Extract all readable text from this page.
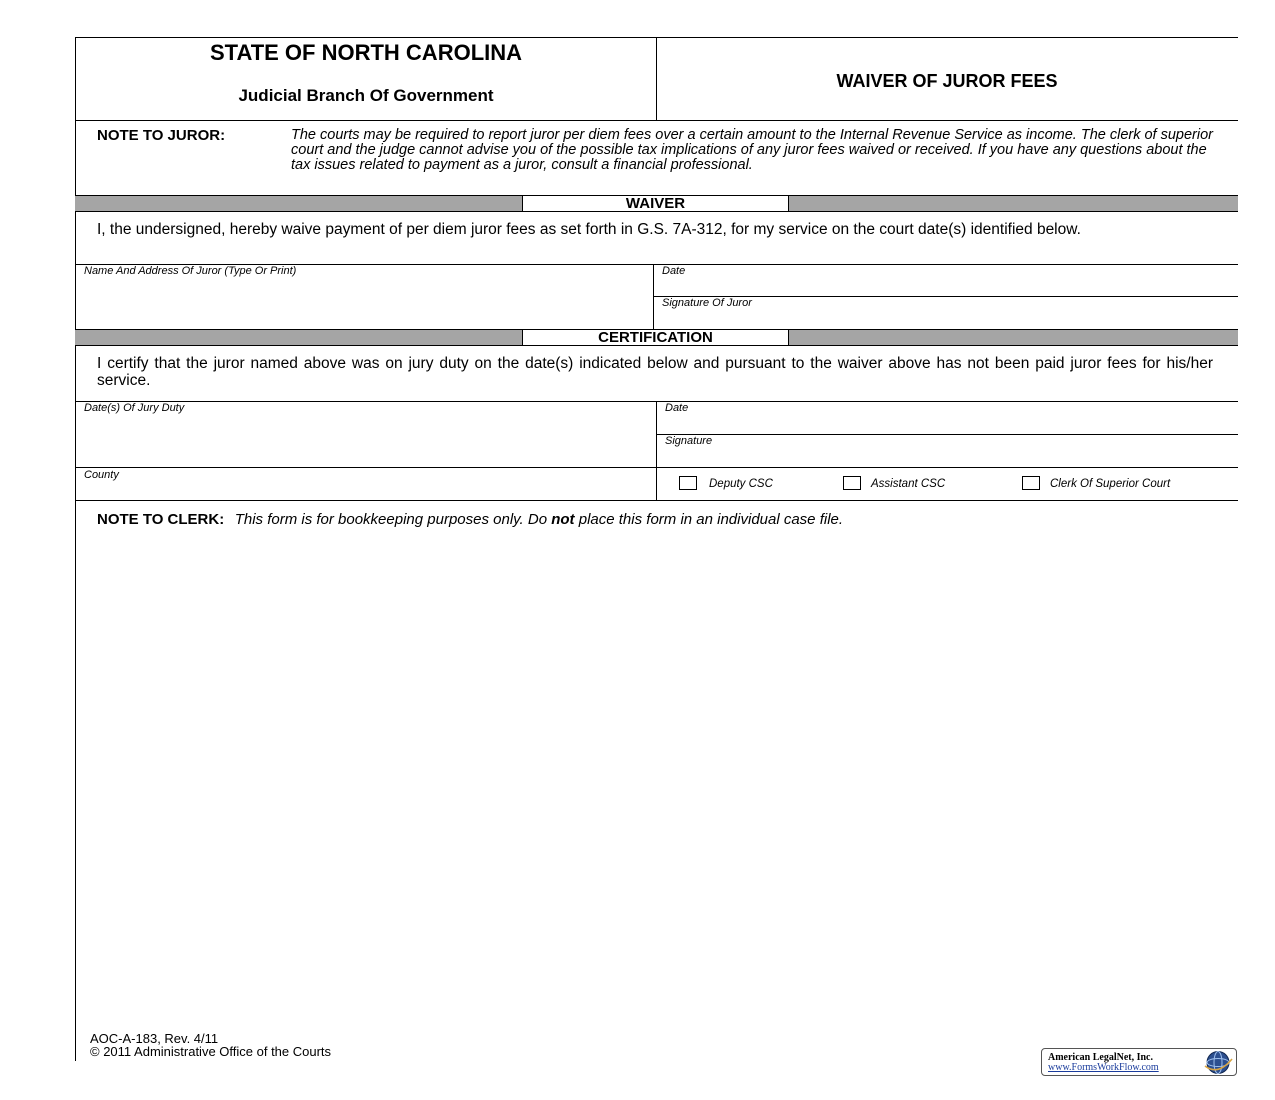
STATE OF NORTH CAROLINA
Judicial Branch Of Government
WAIVER OF JUROR FEES
NOTE TO JUROR:	The courts may be required to report juror per diem fees over a certain amount to the Internal Revenue Service as income. The clerk of superior court and the judge cannot advise you of the possible tax implications of any juror fees waived or received. If you have any questions about the tax issues related to payment as a juror, consult a financial professional.
WAIVER
I, the undersigned, hereby waive payment of per diem juror fees as set forth in G.S. 7A-312, for my service on the court date(s) identified below.
Name And Address Of Juror (Type Or Print)	Date
Signature Of Juror
CERTIFICATION
I certify that the juror named above was on jury duty on the date(s) indicated below and pursuant to the waiver above has not been paid juror fees for his/her service.
Date(s) Of Jury Duty	Date
Signature
County
Deputy CSC	Assistant CSC	Clerk Of Superior Court
NOTE TO CLERK: This form is for bookkeeping purposes only. Do not place this form in an individual case file.
AOC-A-183, Rev. 4/11
© 2011 Administrative Office of the Courts	American LegalNet, Inc.
www.FormsWorkFlow.com
